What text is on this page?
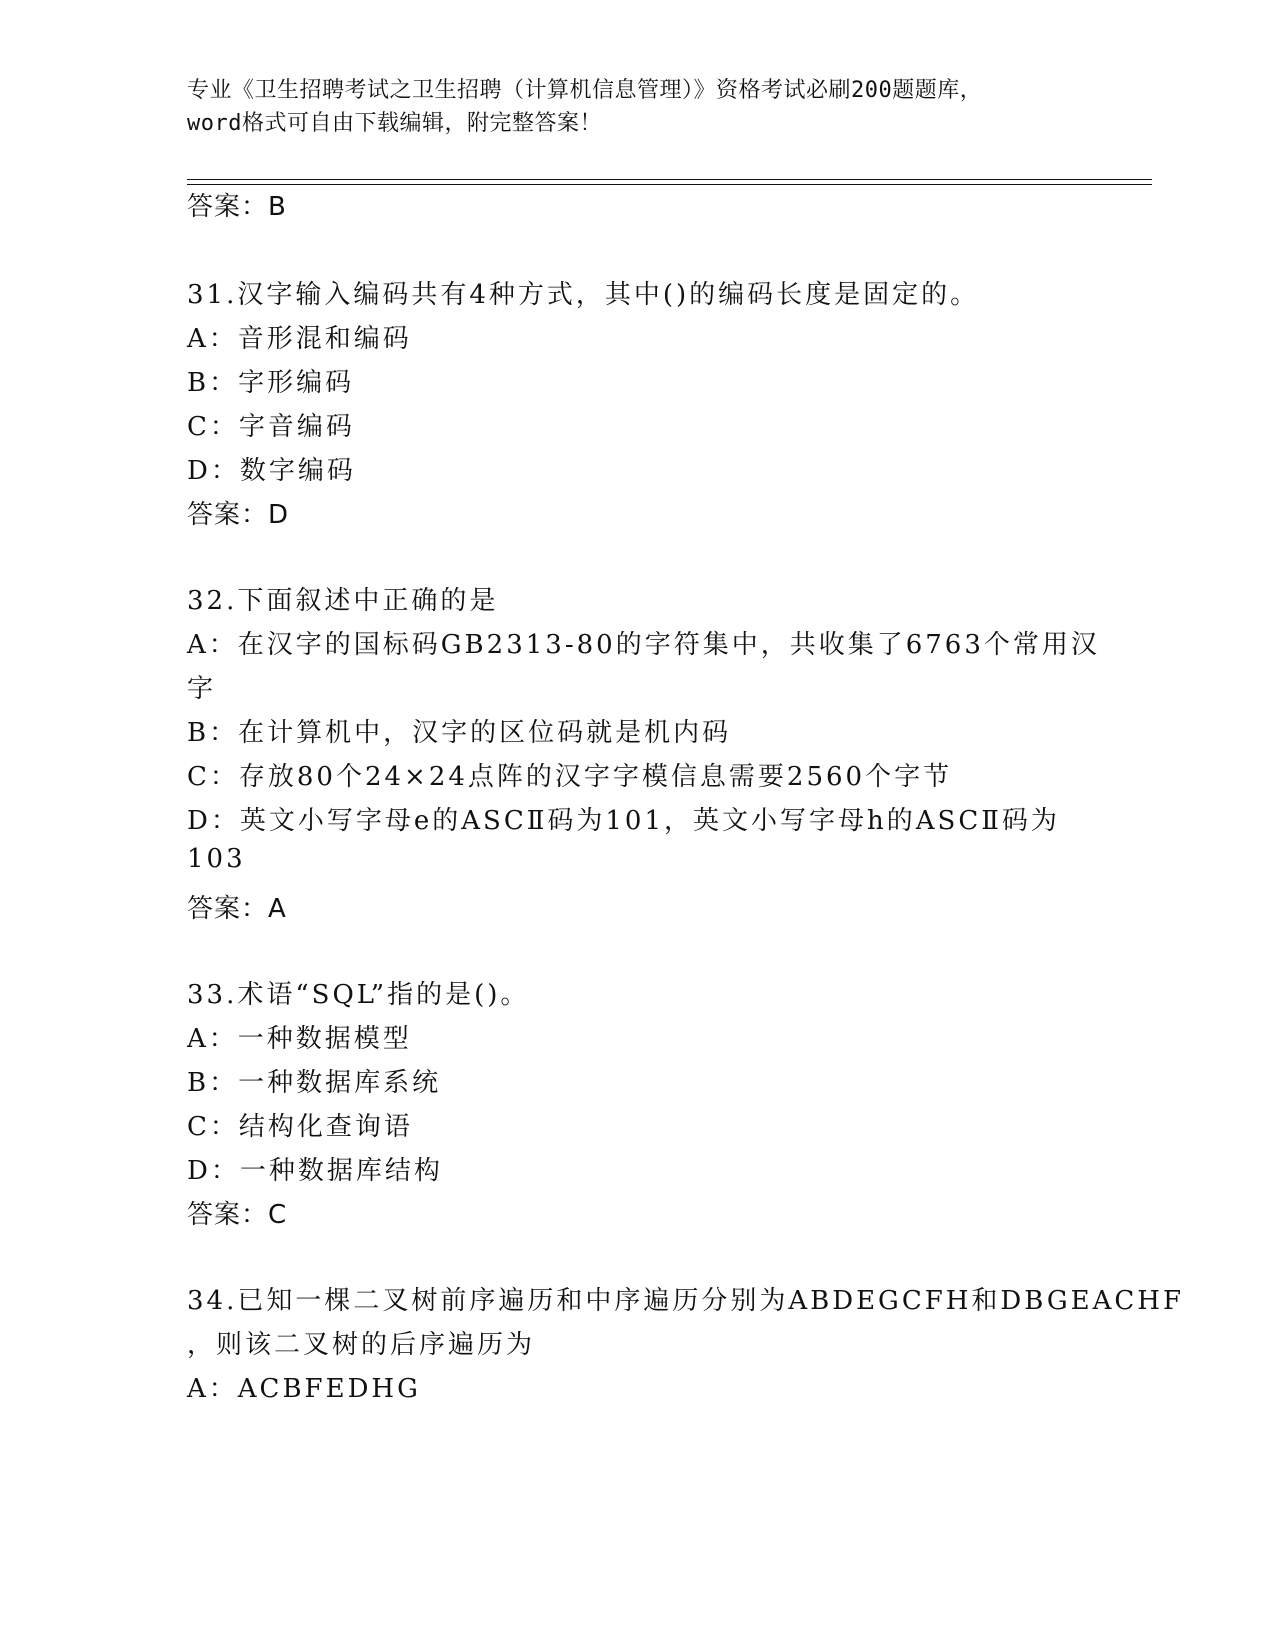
专业《卫生招聘考试之卫生招聘（计算机信息管理）》资格考试必刷200题题库，
word格式可自由下载编辑，附完整答案！
答案：B
31.汉字输入编码共有4种方式，其中()的编码长度是固定的。
A：音形混和编码
B：字形编码
C：字音编码
D：数字编码
答案：D
32.下面叙述中正确的是
A：在汉字的国标码GB2313-80的字符集中，共收集了6763个常用汉
字
B：在计算机中，汉字的区位码就是机内码
C：存放80个24×24点阵的汉字字模信息需要2560个字节
D：英文小写字母e的ASCⅡ码为101，英文小写字母h的ASCⅡ码为
103
答案：A
33.术语“SQL”指的是()。
A：一种数据模型
B：一种数据库系统
C：结构化查询语
D：一种数据库结构
答案：C
34.已知一棵二叉树前序遍历和中序遍历分别为ABDEGCFH和DBGEACHF
，则该二叉树的后序遍历为
A：ACBFEDHG
